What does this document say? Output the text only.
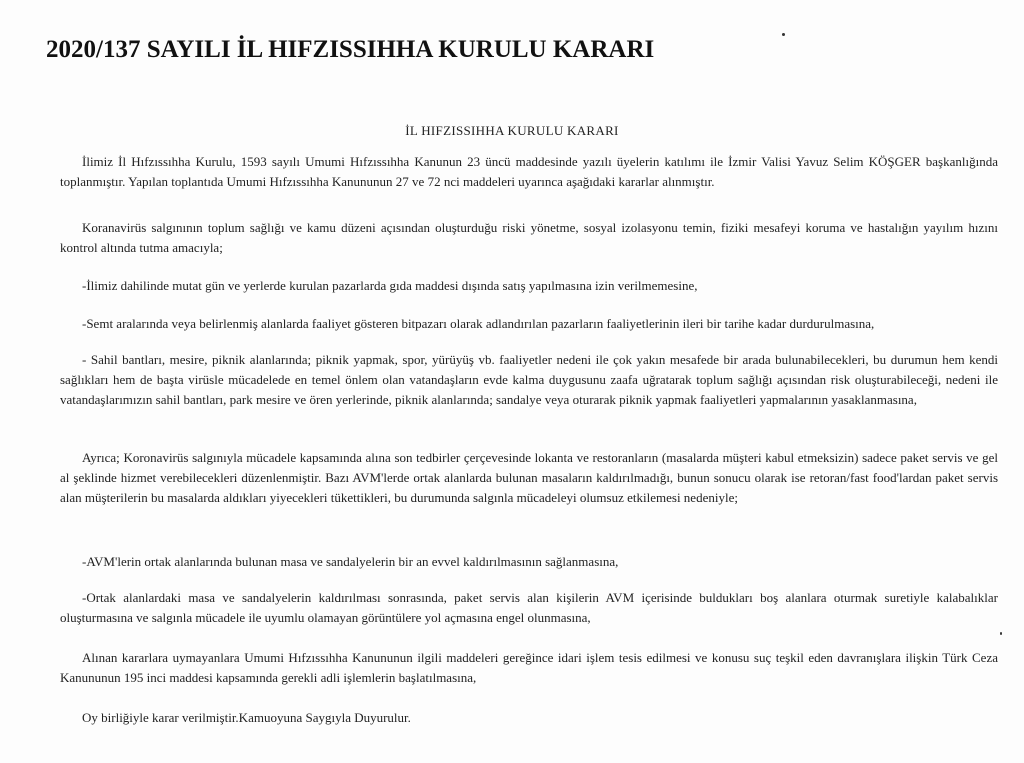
2020/137 SAYILI İL HIFZISSIHHA KURULU KARARI
İL HIFZISSIHHA KURULU KARARI

İlimiz İl Hıfzıssıhha Kurulu, 1593 sayılı Umumi Hıfzıssıhha Kanunun 23 üncü maddesinde yazılı üyelerin katılımı ile İzmir Valisi Yavuz Selim KÖŞGER başkanlığında toplanmıştır. Yapılan toplantıda Umumi Hıfzıssıhha Kanununun 27 ve 72 nci maddeleri uyarınca aşağıdaki kararlar alınmıştır.

Koranavirüs salgınının toplum sağlığı ve kamu düzeni açısından oluşturduğu riski yönetme, sosyal izolasyonu temin, fiziki mesafeyi koruma ve hastalığın yayılım hızını kontrol altında tutma amacıyla;

-İlimiz dahilinde mutat gün ve yerlerde kurulan pazarlarda gıda maddesi dışında satış yapılmasına izin verilmemesine,

-Semt aralarında veya belirlenmiş alanlarda faaliyet gösteren bitpazarı olarak adlandırılan pazarların faaliyetlerinin ileri bir tarihe kadar durdurulmasına,

- Sahil bantları, mesire, piknik alanlarında; piknik yapmak, spor, yürüyüş vb. faaliyetler nedeni ile çok yakın mesafede bir arada bulunabilecekleri, bu durumun hem kendi sağlıkları hem de başta virüsle mücadelede en temel önlem olan vatandaşların evde kalma duygusunu zaafa uğratarak toplum sağlığı açısından risk oluşturabileceği, nedeni ile vatandaşlarımızın sahil bantları, park mesire ve ören yerlerinde, piknik alanlarında; sandalye veya oturarak piknik yapmak faaliyetleri yapmalarının yasaklanmasına,

Ayrıca; Koronavirüs salgınıyla mücadele kapsamında alına son tedbirler çerçevesinde lokanta ve restoranların (masalarda müşteri kabul etmeksizin) sadece paket servis ve gel al şeklinde hizmet verebilecekleri düzenlenmiştir. Bazı AVM'lerde ortak alanlarda bulunan masaların kaldırılmadığı, bunun sonucu olarak ise retoran/fast food'lardan paket servis alan müşterilerin bu masalarda aldıkları yiyecekleri tükettikleri, bu durumunda salgınla mücadeleyi olumsuz etkilemesi nedeniyle;

-AVM'lerin ortak alanlarında bulunan masa ve sandalyelerin bir an evvel kaldırılmasının sağlanmasına,

-Ortak alanlardaki masa ve sandalyelerin kaldırılması sonrasında, paket servis alan kişilerin AVM içerisinde buldukları boş alanlara oturmak suretiyle kalabalıklar oluşturmasına ve salgınla mücadele ile uyumlu olamayan görüntülere yol açmasına engel olunmasına,

Alınan kararlara uymayanlara Umumi Hıfzıssıhha Kanununun ilgili maddeleri gereğince idari işlem tesis edilmesi ve konusu suç teşkil eden davranışlara ilişkin Türk Ceza Kanununun 195 inci maddesi kapsamında gerekli adli işlemlerin başlatılmasına,

Oy birliğiyle karar verilmiştir.Kamuoyuna Saygıyla Duyurulur.
